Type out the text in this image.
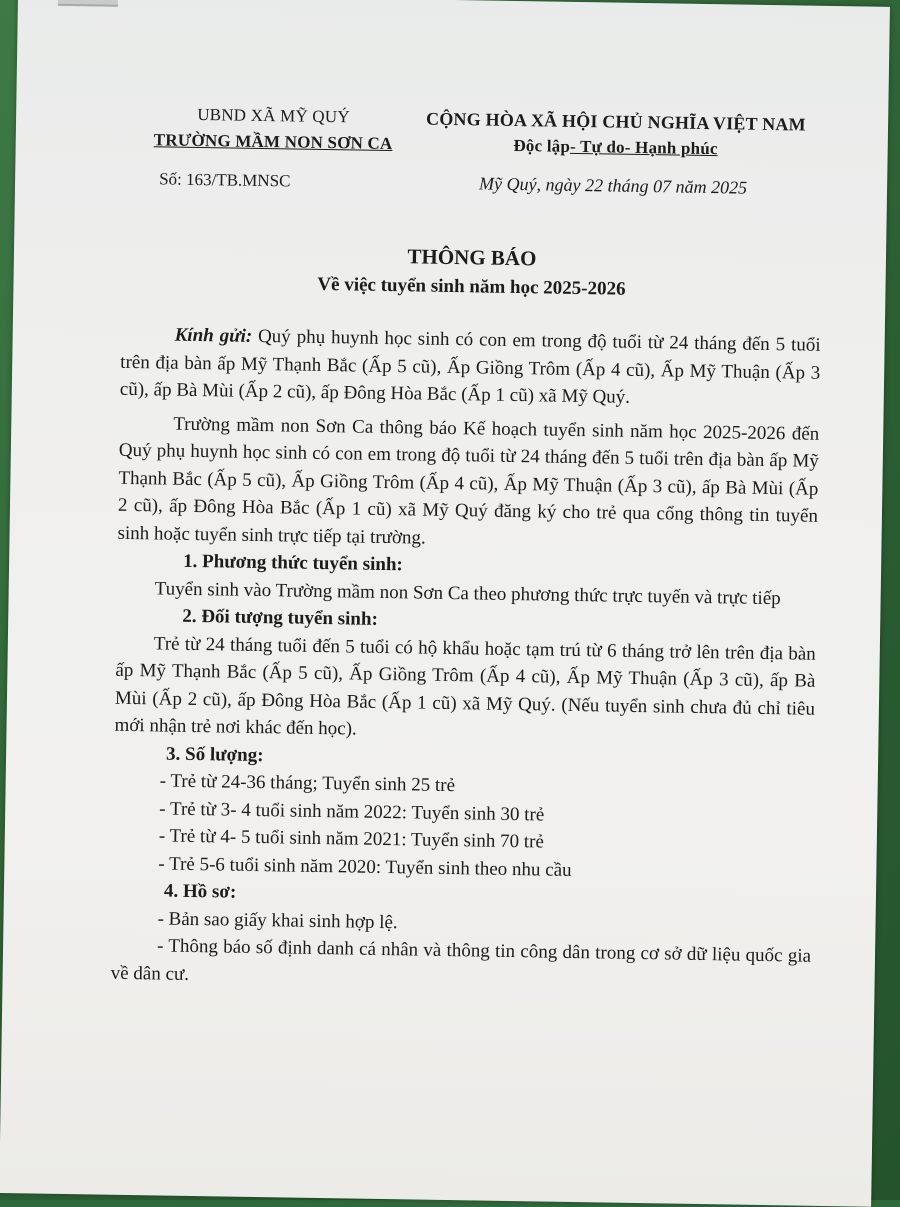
UBND XÃ MỸ QUÝ
TRƯỜNG MẦM NON SƠN CA
CỘNG HÒA XÃ HỘI CHỦ NGHĨA VIỆT NAM
Độc lập- Tự do- Hạnh phúc
Số: 163/TB.MNSC	Mỹ Quý, ngày 22 tháng 07 năm 2025
THÔNG BÁO
Về việc tuyển sinh năm học 2025-2026

Kính gửi: Quý phụ huynh học sinh có con em trong độ tuổi từ 24 tháng đến 5 tuổi trên địa bàn ấp Mỹ Thạnh Bắc (Ấp 5 cũ), Ấp Giồng Trôm (Ấp 4 cũ), Ấp Mỹ Thuận (Ấp 3 cũ), ấp Bà Mùi (Ấp 2 cũ), ấp Đông Hòa Bắc (Ấp 1 cũ) xã Mỹ Quý.

Trường mầm non Sơn Ca thông báo Kế hoạch tuyển sinh năm học 2025-2026 đến Quý phụ huynh học sinh có con em trong độ tuổi từ 24 tháng đến 5 tuổi trên địa bàn ấp Mỹ Thạnh Bắc (Ấp 5 cũ), Ấp Giồng Trôm (Ấp 4 cũ), Ấp Mỹ Thuận (Ấp 3 cũ), ấp Bà Mùi (Ấp 2 cũ), ấp Đông Hòa Bắc (Ấp 1 cũ) xã Mỹ Quý đăng ký cho trẻ qua cổng thông tin tuyển sinh hoặc tuyển sinh trực tiếp tại trường.

1. Phương thức tuyển sinh:

Tuyển sinh vào Trường mầm non Sơn Ca theo phương thức trực tuyến và trực tiếp

2. Đối tượng tuyển sinh:

Trẻ từ 24 tháng tuổi đến 5 tuổi có hộ khẩu hoặc tạm trú từ 6 tháng trở lên trên địa bàn ấp Mỹ Thạnh Bắc (Ấp 5 cũ), Ấp Giồng Trôm (Ấp 4 cũ), Ấp Mỹ Thuận (Ấp 3 cũ), ấp Bà Mùi (Ấp 2 cũ), ấp Đông Hòa Bắc (Ấp 1 cũ) xã Mỹ Quý. (Nếu tuyển sinh chưa đủ chỉ tiêu mới nhận trẻ nơi khác đến học).

3. Số lượng:
- Trẻ từ 24-36 tháng; Tuyển sinh 25 trẻ
- Trẻ từ 3- 4 tuổi sinh năm 2022: Tuyển sinh 30 trẻ
- Trẻ từ 4- 5 tuổi sinh năm 2021: Tuyển sinh 70 trẻ
- Trẻ 5-6 tuổi sinh năm 2020: Tuyển sinh theo nhu cầu
4. Hồ sơ:
- Bản sao giấy khai sinh hợp lệ.

- Thông báo số định danh cá nhân và thông tin công dân trong cơ sở dữ liệu quốc gia về dân cư.
